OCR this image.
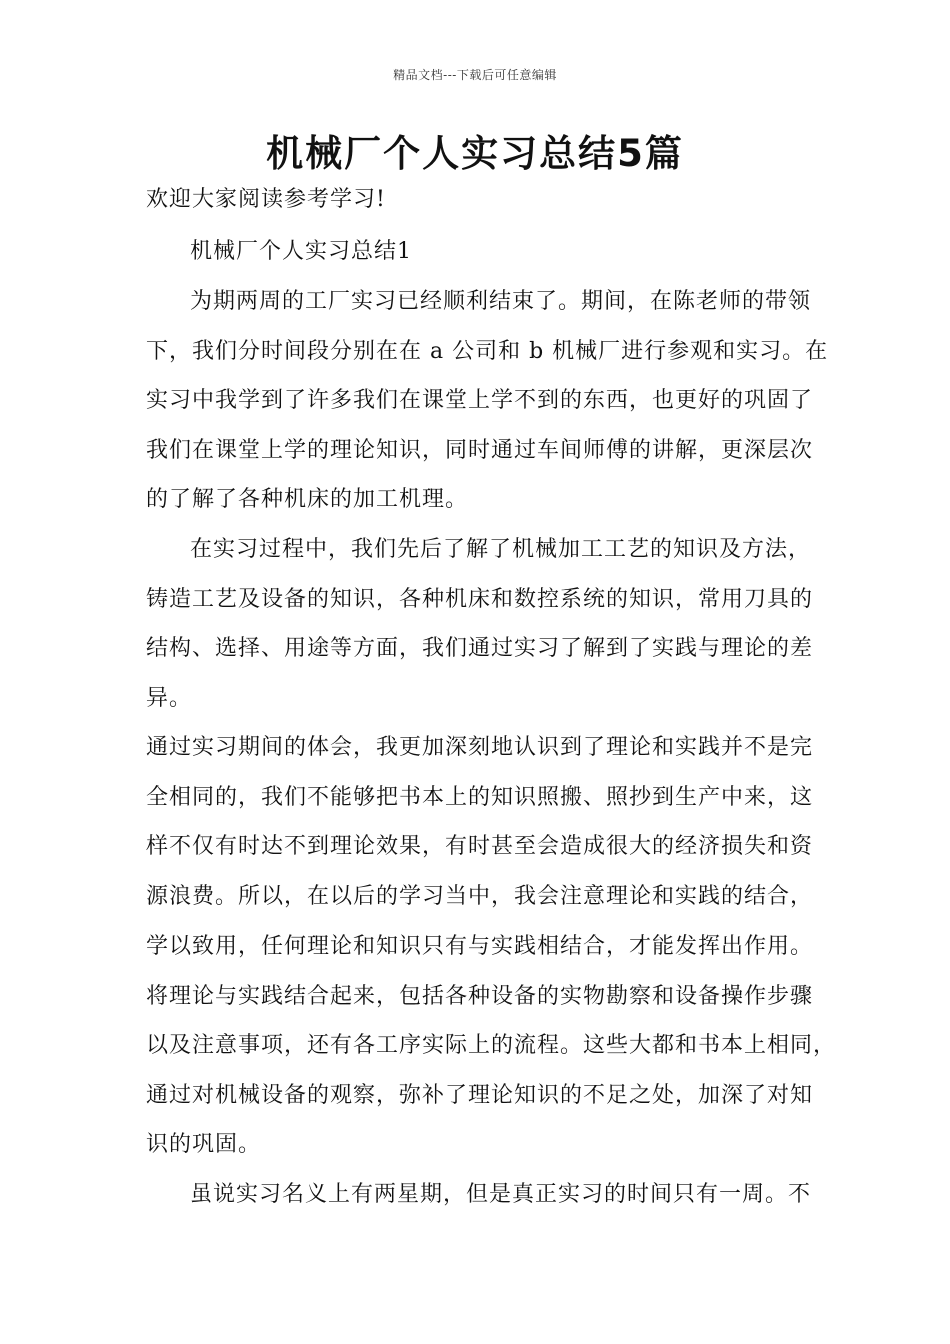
精品文档---下载后可任意编辑
机械厂个人实习总结5篇
欢迎大家阅读参考学习!
机械厂个人实习总结1
为期两周的工厂实习已经顺利结束了。期间，在陈老师的带领
下，我们分时间段分别在在 a 公司和 b 机械厂进行参观和实习。在
实习中我学到了许多我们在课堂上学不到的东西，也更好的巩固了
我们在课堂上学的理论知识，同时通过车间师傅的讲解，更深层次
的了解了各种机床的加工机理。
在实习过程中，我们先后了解了机械加工工艺的知识及方法，
铸造工艺及设备的知识，各种机床和数控系统的知识，常用刀具的
结构、选择、用途等方面，我们通过实习了解到了实践与理论的差
异。
通过实习期间的体会，我更加深刻地认识到了理论和实践并不是完
全相同的，我们不能够把书本上的知识照搬、照抄到生产中来，这
样不仅有时达不到理论效果，有时甚至会造成很大的经济损失和资
源浪费。所以，在以后的学习当中，我会注意理论和实践的结合，
学以致用，任何理论和知识只有与实践相结合，才能发挥出作用。
将理论与实践结合起来，包括各种设备的实物勘察和设备操作步骤
以及注意事项，还有各工序实际上的流程。这些大都和书本上相同，
通过对机械设备的观察，弥补了理论知识的不足之处，加深了对知
识的巩固。
虽说实习名义上有两星期，但是真正实习的时间只有一周。不
